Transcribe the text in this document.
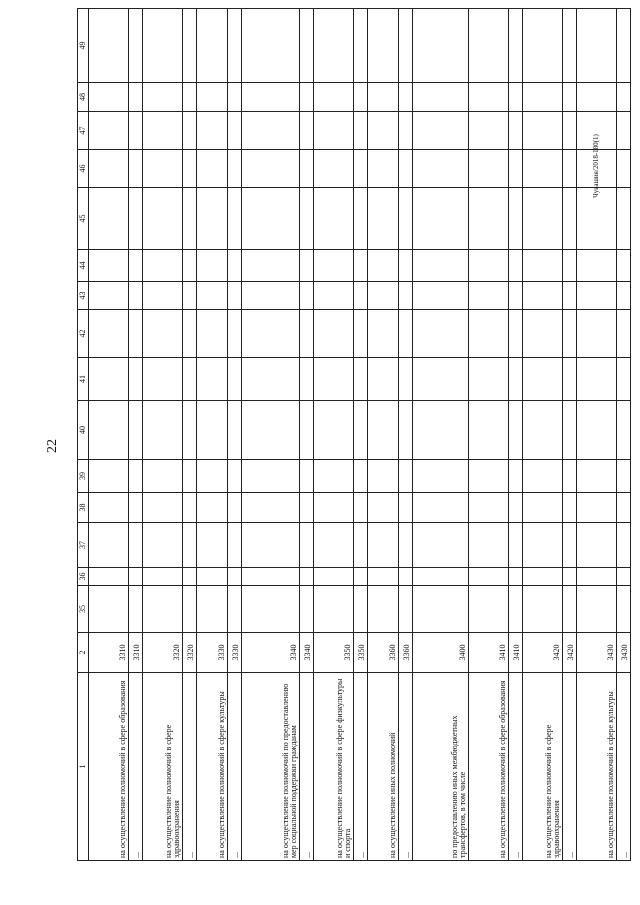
22
Чувашия/2018-180(1)
1	2	35	36	37	38	39	40	41	42	43	44	45	46	47	48	49
на осуществление полномочий в сфере образования	3310															
...	3310															
на осуществление полномочий в сфере здравоохранения	3320															
...	3320															
на осуществление полномочий в сфере культуры	3330															
...	3330															
на осуществление полномочий по предоставлению мер социальной поддержки гражданам	3340															
...	3340															
на осуществление полномочий в сфере физкультуры и спорта	3350															
...	3350															
на осуществление иных полномочий	3360															
...	3360															
по предоставлению иных межбюджетных трансфертов, в том числе	3400															
на осуществление полномочий в сфере образования	3410															
...	3410															
на осуществление полномочий в сфере здравоохранения	3420															
...	3420															
на осуществление полномочий в сфере культуры	3430															
...	3430															
